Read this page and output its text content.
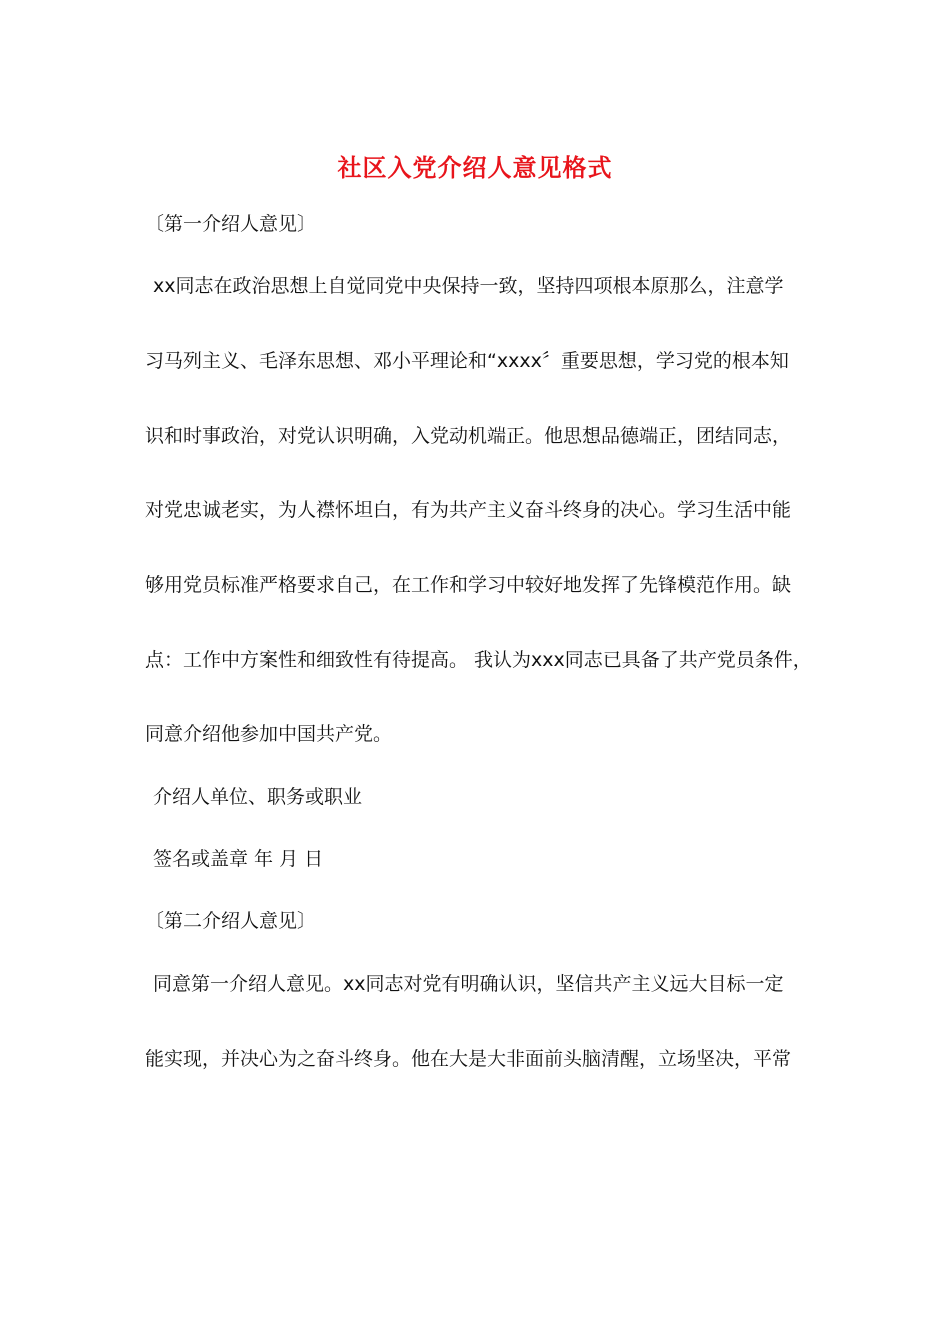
社区入党介绍人意见格式
〔第一介绍人意见〕
xx同志在政治思想上自觉同党中央保持一致，坚持四项根本原那么，注意学
习马列主义、毛泽东思想、邓小平理论和“xxxx〞重要思想，学习党的根本知
识和时事政治，对党认识明确，入党动机端正。他思想品德端正，团结同志，
对党忠诚老实，为人襟怀坦白，有为共产主义奋斗终身的决心。学习生活中能
够用党员标准严格要求自己，在工作和学习中较好地发挥了先锋模范作用。缺
点：工作中方案性和细致性有待提高。 我认为xxx同志已具备了共产党员条件，
同意介绍他参加中国共产党。
介绍人单位、职务或职业
签名或盖章 年 月 日
〔第二介绍人意见〕
同意第一介绍人意见。xx同志对党有明确认识，坚信共产主义远大目标一定
能实现，并决心为之奋斗终身。他在大是大非面前头脑清醒，立场坚决，平常
